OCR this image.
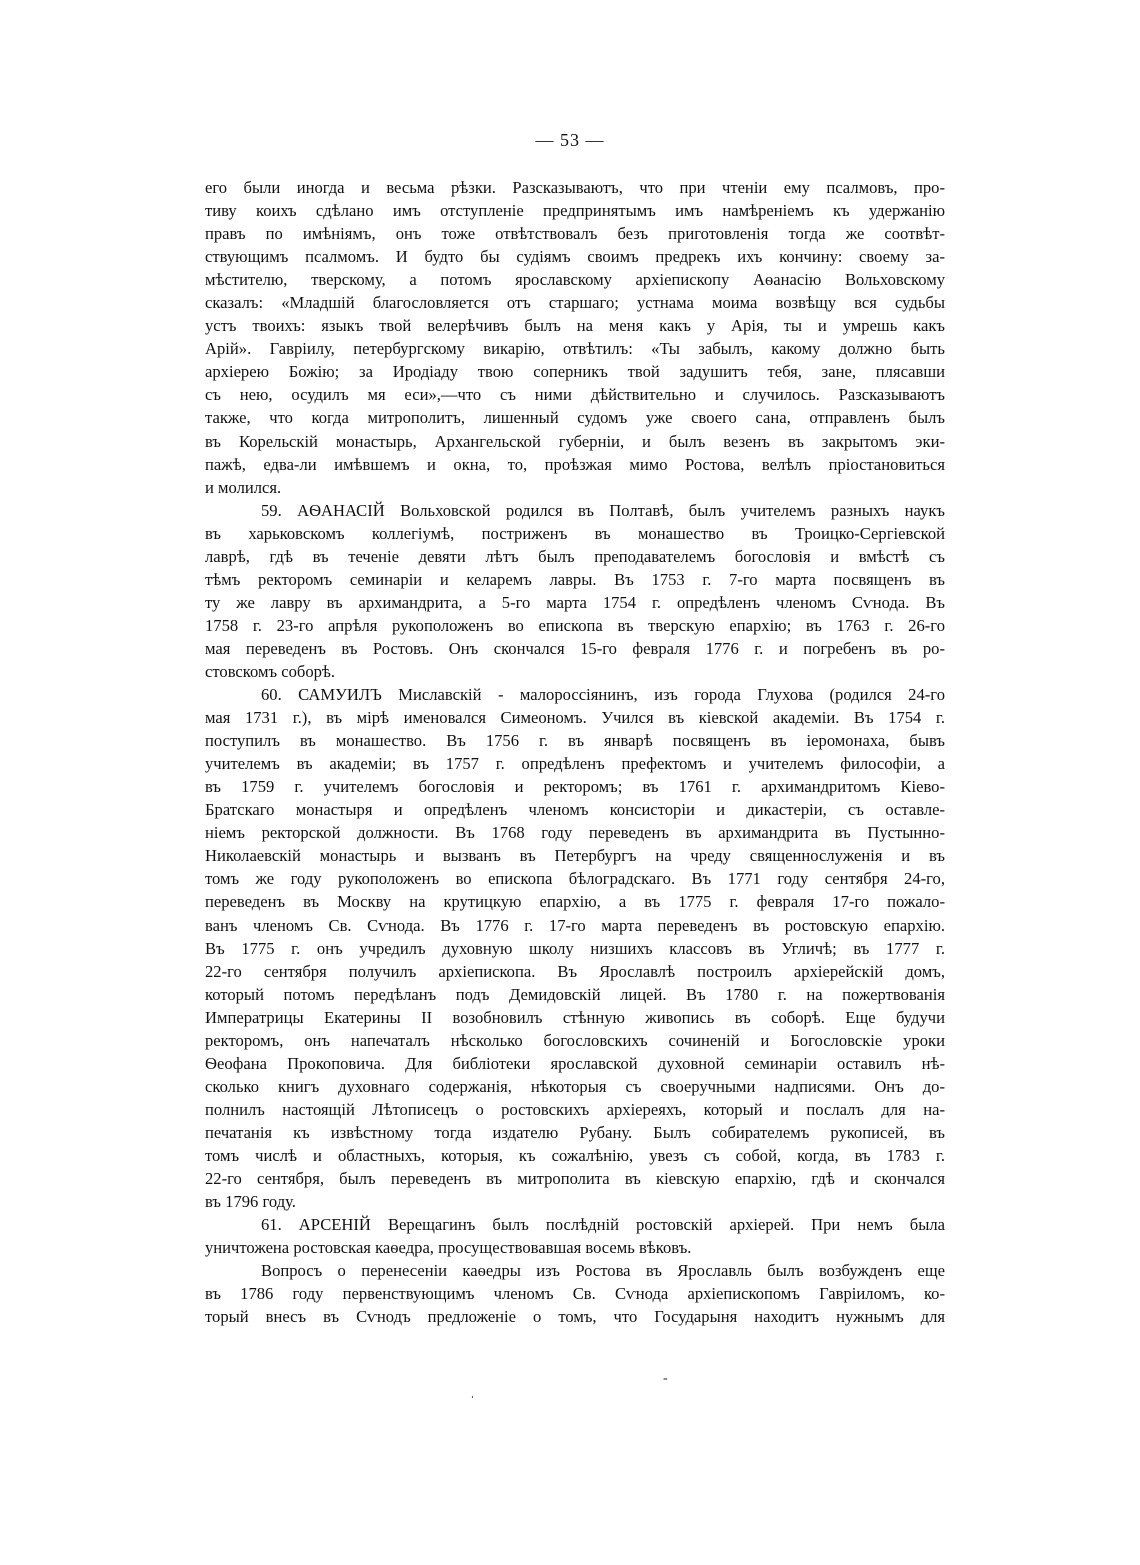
— 53 —
его были иногда и весьма рѣзки. Разсказываютъ, что при чтеніи ему псалмовъ, про-
тиву коихъ сдѣлано имъ отступленіе предпринятымъ имъ намѣреніемъ къ удержанію
правъ по имѣніямъ, онъ тоже отвѣтствовалъ безъ приготовленія тогда же соотвѣт-
ствующимъ псалмомъ. И будто бы судіямъ своимъ предрекъ ихъ кончину: своему за-
мѣстителю, тверскому, а потомъ ярославскому архіепископу Аѳанасію Вольховскому
сказалъ: «Младшій благословляется отъ старшаго; устнама моима возвѣщу вся судьбы
устъ твоихъ: языкъ твой велерѣчивъ былъ на меня какъ у Арія, ты и умрешь какъ
Арій». Гавріилу, петербургскому викарію, отвѣтилъ: «Ты забылъ, какому должно быть
архіерею Божію; за Иродіаду твою соперникъ твой задушитъ тебя, зане, плясавши
съ нею, осудилъ мя еси»,—что съ ними дѣйствительно и случилось. Разсказываютъ
также, что когда митрополитъ, лишенный судомъ уже своего сана, отправленъ былъ
въ Корельскій монастырь, Архангельской губерніи, и былъ везенъ въ закрытомъ эки-
пажѣ, едва-ли имѣвшемъ и окна, то, проѣзжая мимо Ростова, велѣлъ пріостановиться
и молился.
59. АѲАНАСІЙ Вольховской родился въ Полтавѣ, былъ учителемъ разныхъ наукъ
въ харьковскомъ коллегіумѣ, постриженъ въ монашество въ Троицко-Сергіевской
лаврѣ, гдѣ въ теченіе девяти лѣтъ былъ преподавателемъ богословія и вмѣстѣ съ
тѣмъ ректоромъ семинаріи и келаремъ лавры. Въ 1753 г. 7-го марта посвященъ въ
ту же лавру въ архимандрита, а 5-го марта 1754 г. опредѣленъ членомъ Сѵнода. Въ
1758 г. 23-го апрѣля рукоположенъ во епископа въ тверскую епархію; въ 1763 г. 26-го
мая переведенъ въ Ростовъ. Онъ скончался 15-го февраля 1776 г. и погребенъ въ ро-
стовскомъ соборѣ.
60. САМУИЛЪ Миславскій - малороссіянинъ, изъ города Глухова (родился 24-го
мая 1731 г.), въ мірѣ именовался Симеономъ. Учился въ кіевской академіи. Въ 1754 г.
поступилъ въ монашество. Въ 1756 г. въ январѣ посвященъ въ іеромонаха, бывъ
учителемъ въ академіи; въ 1757 г. опредѣленъ префектомъ и учителемъ философіи, а
въ 1759 г. учителемъ богословія и ректоромъ; въ 1761 г. архимандритомъ Кіево-
Братскаго монастыря и опредѣленъ членомъ консисторіи и дикастеріи, съ оставле-
ніемъ ректорской должности. Въ 1768 году переведенъ въ архимандрита въ Пустынно-
Николаевскій монастырь и вызванъ въ Петербургъ на чреду священнослуженія и въ
томъ же году рукоположенъ во епископа бѣлоградскаго. Въ 1771 году сентября 24-го,
переведенъ въ Москву на крутицкую епархію, а въ 1775 г. февраля 17-го пожало-
ванъ членомъ Св. Сѵнода. Въ 1776 г. 17-го марта переведенъ въ ростовскую епархію.
Въ 1775 г. онъ учредилъ духовную школу низшихъ классовъ въ Угличѣ; въ 1777 г.
22-го сентября получилъ архіепископа. Въ Ярославлѣ построилъ архіерейскій домъ,
который потомъ передѣланъ подъ Демидовскій лицей. Въ 1780 г. на пожертвованія
Императрицы Екатерины II возобновилъ стѣнную живопись въ соборѣ. Еще будучи
ректоромъ, онъ напечаталъ нѣсколько богословскихъ сочиненій и Богословскіе уроки
Ѳеофана Прокоповича. Для библіотеки ярославской духовной семинаріи оставилъ нѣ-
сколько книгъ духовнаго содержанія, нѣкоторыя съ своеручными надписями. Онъ до-
полнилъ настоящій Лѣтописецъ о ростовскихъ архіереяхъ, который и послалъ для на-
печатанія къ извѣстному тогда издателю Рубану. Былъ собирателемъ рукописей, въ
томъ числѣ и областныхъ, которыя, къ сожалѣнію, увезъ съ собой, когда, въ 1783 г.
22-го сентября, былъ переведенъ въ митрополита въ кіевскую епархію, гдѣ и скончался
въ 1796 году.
61. АРСЕНІЙ Верещагинъ былъ послѣдній ростовскій архіерей. При немъ была
уничтожена ростовская каѳедра, просуществовавшая восемь вѣковъ.
Вопросъ о перенесеніи каѳедры изъ Ростова въ Ярославль былъ возбужденъ еще
въ 1786 году первенствующимъ членомъ Св. Сѵнода архіепископомъ Гавріиломъ, ко-
торый внесъ въ Сѵнодъ предложеніе о томъ, что Государыня находитъ нужнымъ для
ˌ
-
